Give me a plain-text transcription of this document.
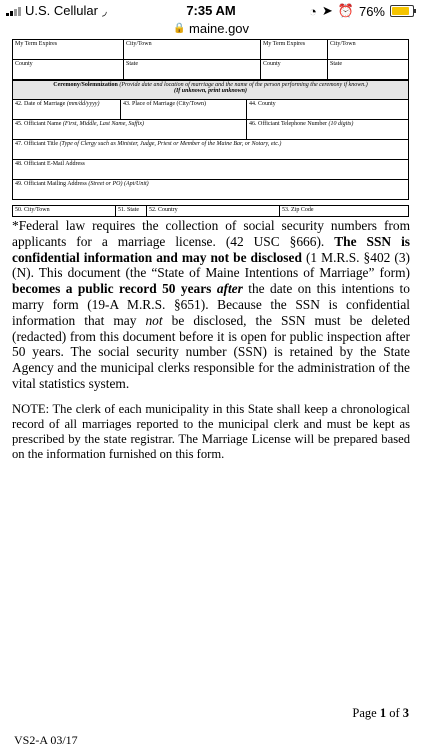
U.S. Cellular ◞	7:35 AM	◔ ➤ ⏰ 76%
🔒 maine.gov
My Term Expires	City/Town	My Term Expires	City/Town
County	State	County	State
Ceremony/Solemnization (Provide date and location of marriage and the name of the person performing the ceremony if known.)
(If unknown, print unknown)		
42. Date of Marriage (mm/dd/yyyy)	43. Place of Marriage (City/Town)	44. County
45. Officiant Name (First, Middle, Last Name, Suffix)		46. Officiant Telephone Number (10 digits)
47. Officiant Title (Type of Clergy such as Minister, Judge, Priest or Member of the Maine Bar, or Notary, etc.)		
48. Officiant E-Mail Address		
49. Officiant Mailing Address (Street or PO) (Apt/Unit)		
50. City/Town	51. State	52. Country	53. Zip Code
*Federal law requires the collection of social security numbers from applicants for a marriage license. (42 USC §666). The SSN is confidential information and may not be disclosed (1 M.R.S. §402 (3)(N). This document (the “State of Maine Intentions of Marriage” form) becomes a public record 50 years after the date on this intentions to marry form (19-A M.R.S. §651). Because the SSN is confidential information that may not be disclosed, the SSN must be deleted (redacted) from this document before it is open for public inspection after 50 years. The social security number (SSN) is retained by the State Agency and the municipal clerks responsible for the administration of the vital statistics system.
NOTE: The clerk of each municipality in this State shall keep a chronological record of all marriages reported to the municipal clerk and must be kept as prescribed by the state registrar. The Marriage License will be prepared based on the information furnished on this form.
Page 1 of 3
VS2-A 03/17
